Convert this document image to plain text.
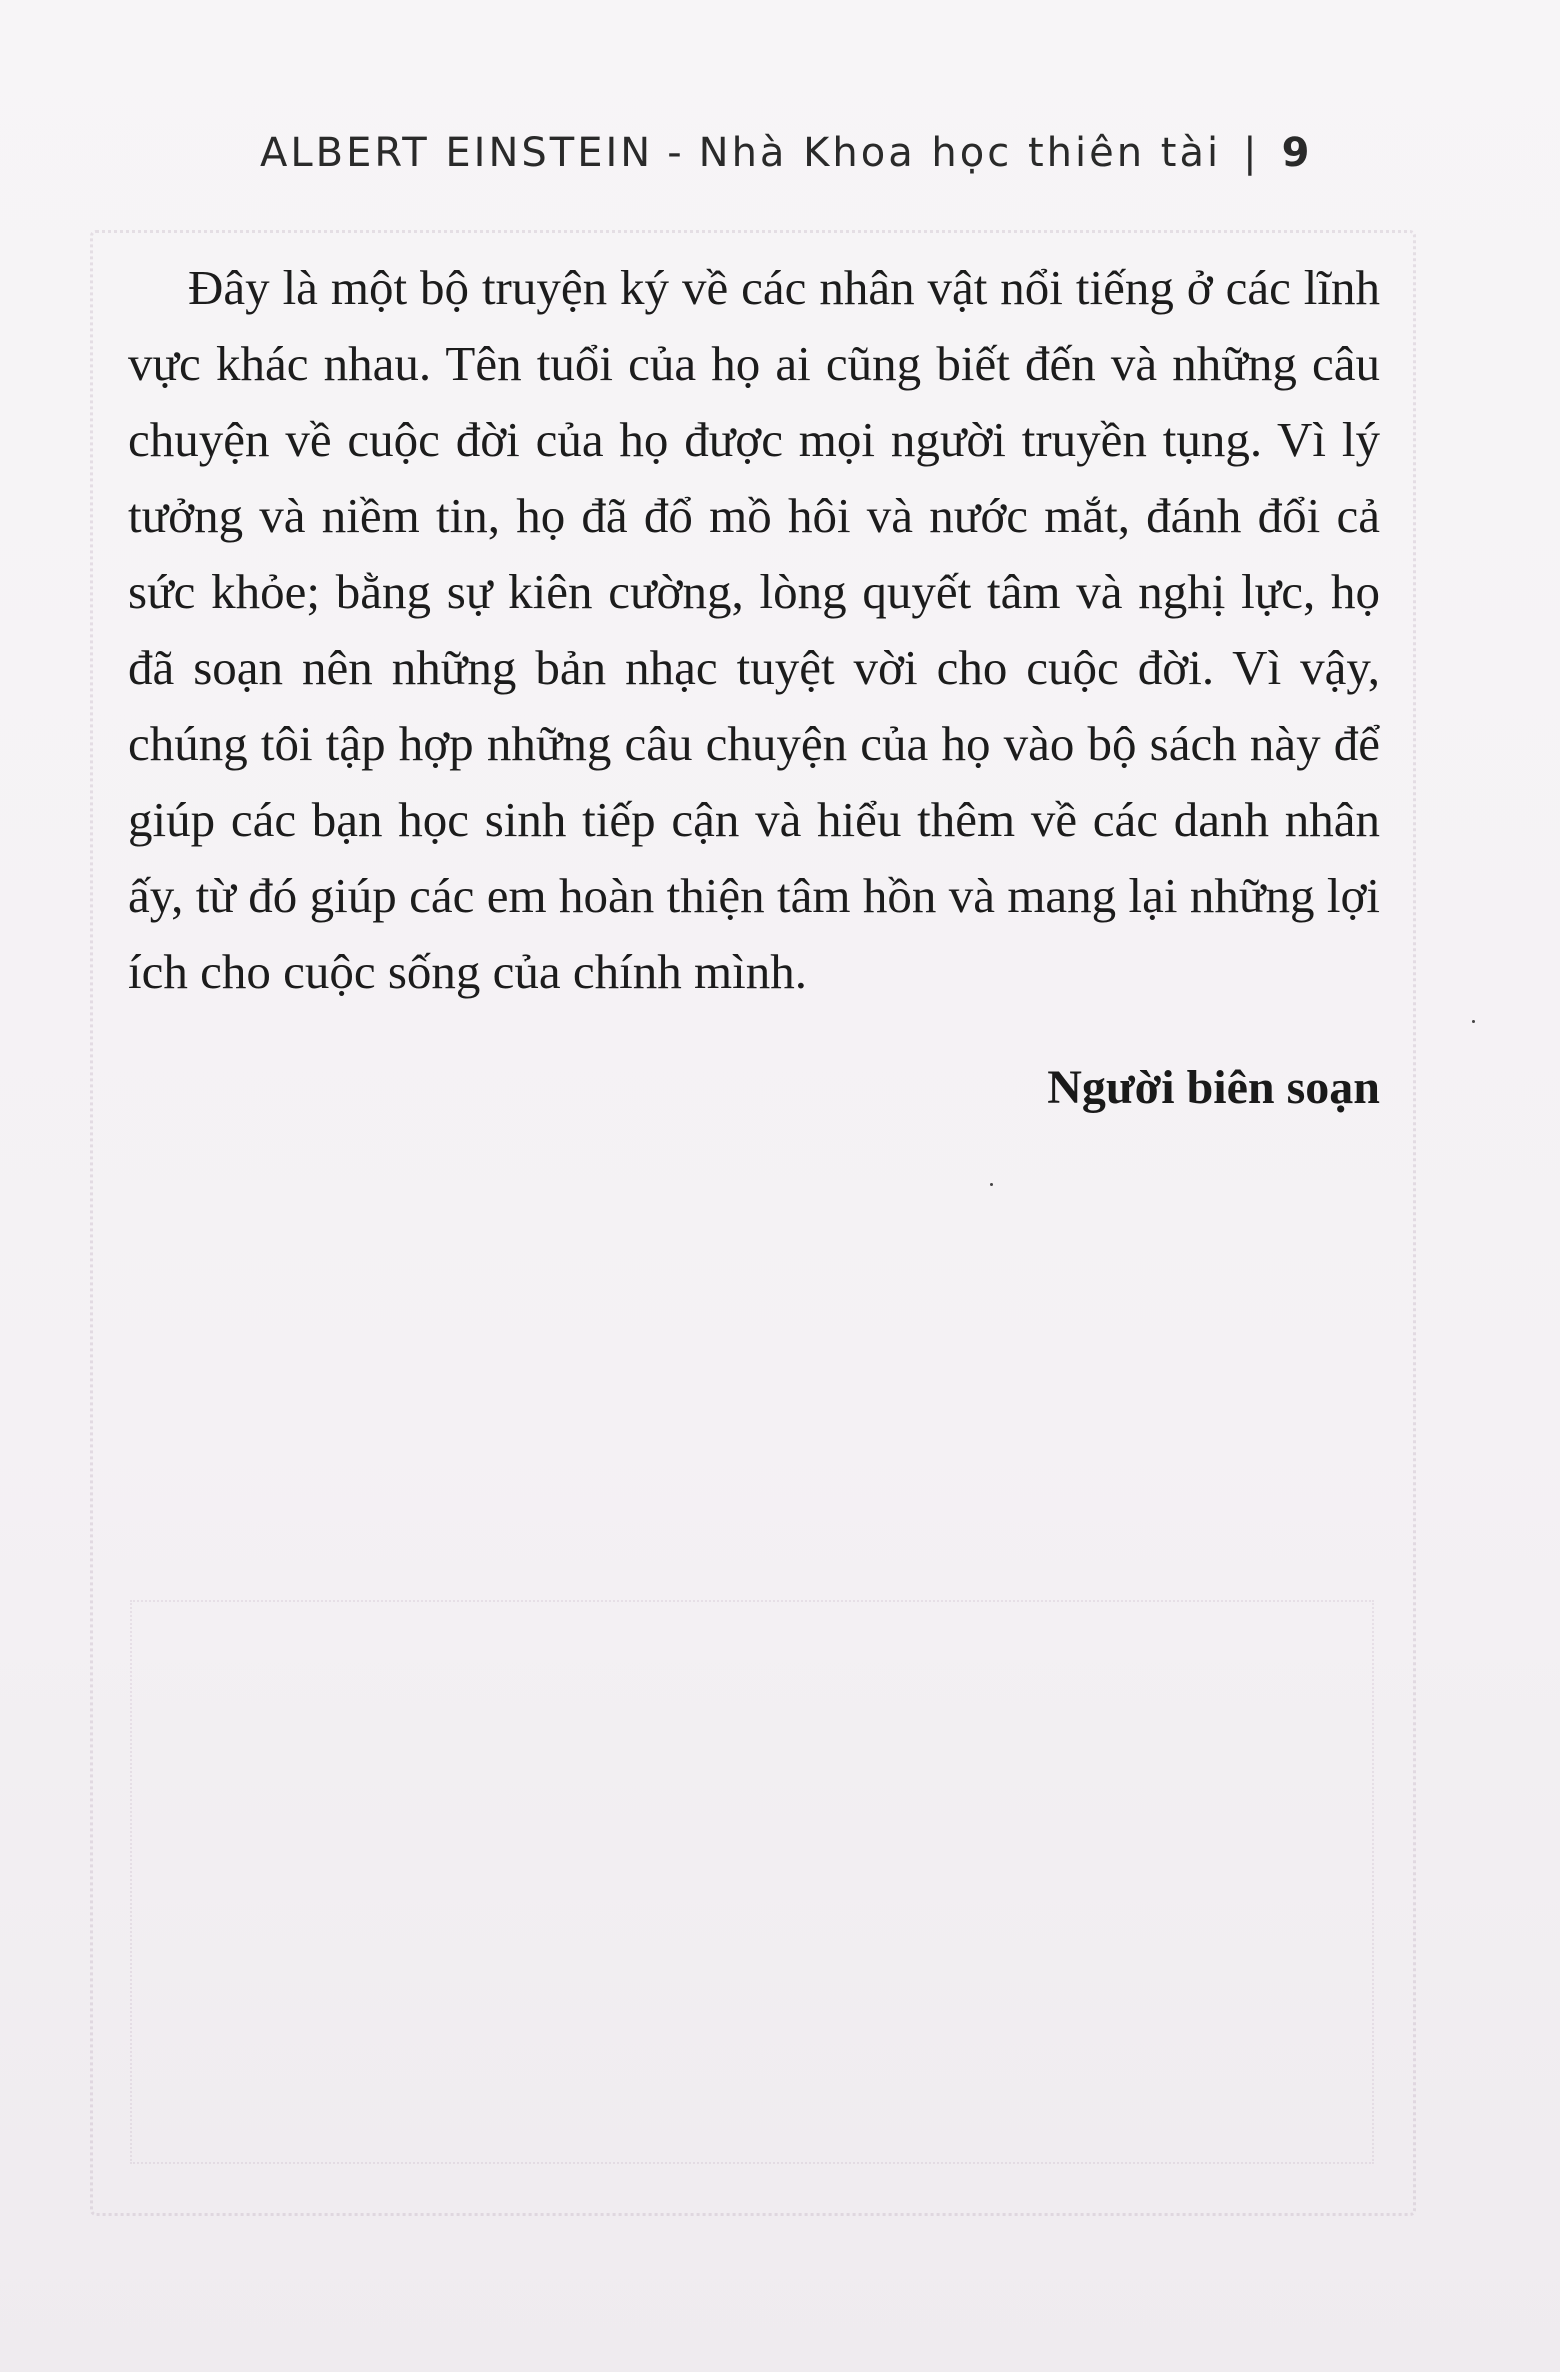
ALBERT EINSTEIN - Nhà Khoa học thiên tài | 9

Đây là một bộ truyện ký về các nhân vật nổi tiếng ở các lĩnh vực khác nhau. Tên tuổi của họ ai cũng biết đến và những câu chuyện về cuộc đời của họ được mọi người truyền tụng. Vì lý tưởng và niềm tin, họ đã đổ mồ hôi và nước mắt, đánh đổi cả sức khỏe; bằng sự kiên cường, lòng quyết tâm và nghị lực, họ đã soạn nên những bản nhạc tuyệt vời cho cuộc đời. Vì vậy, chúng tôi tập hợp những câu chuyện của họ vào bộ sách này để giúp các bạn học sinh tiếp cận và hiểu thêm về các danh nhân ấy, từ đó giúp các em hoàn thiện tâm hồn và mang lại những lợi ích cho cuộc sống của chính mình.

Người biên soạn
